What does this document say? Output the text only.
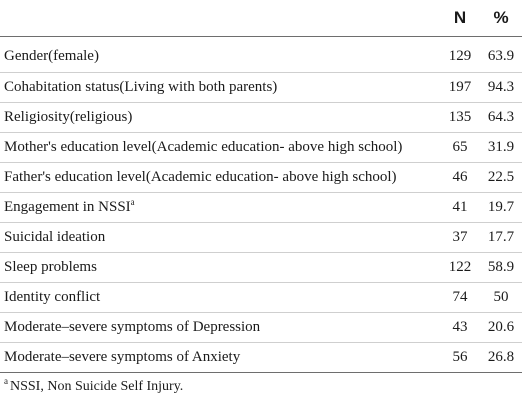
	N	%
Gender(female)	129	63.9
Cohabitation status(Living with both parents)	197	94.3
Religiosity(religious)	135	64.3
Mother's education level(Academic education- above high school)	65	31.9
Father's education level(Academic education- above high school)	46	22.5
Engagement in NSSI$^a$	41	19.7
Suicidal ideation	37	17.7
Sleep problems	122	58.9
Identity conflict	74	50
Moderate–severe symptoms of Depression	43	20.6
Moderate–severe symptoms of Anxiety	56	26.8
$^a$ NSSI, Non Suicide Self Injury.
